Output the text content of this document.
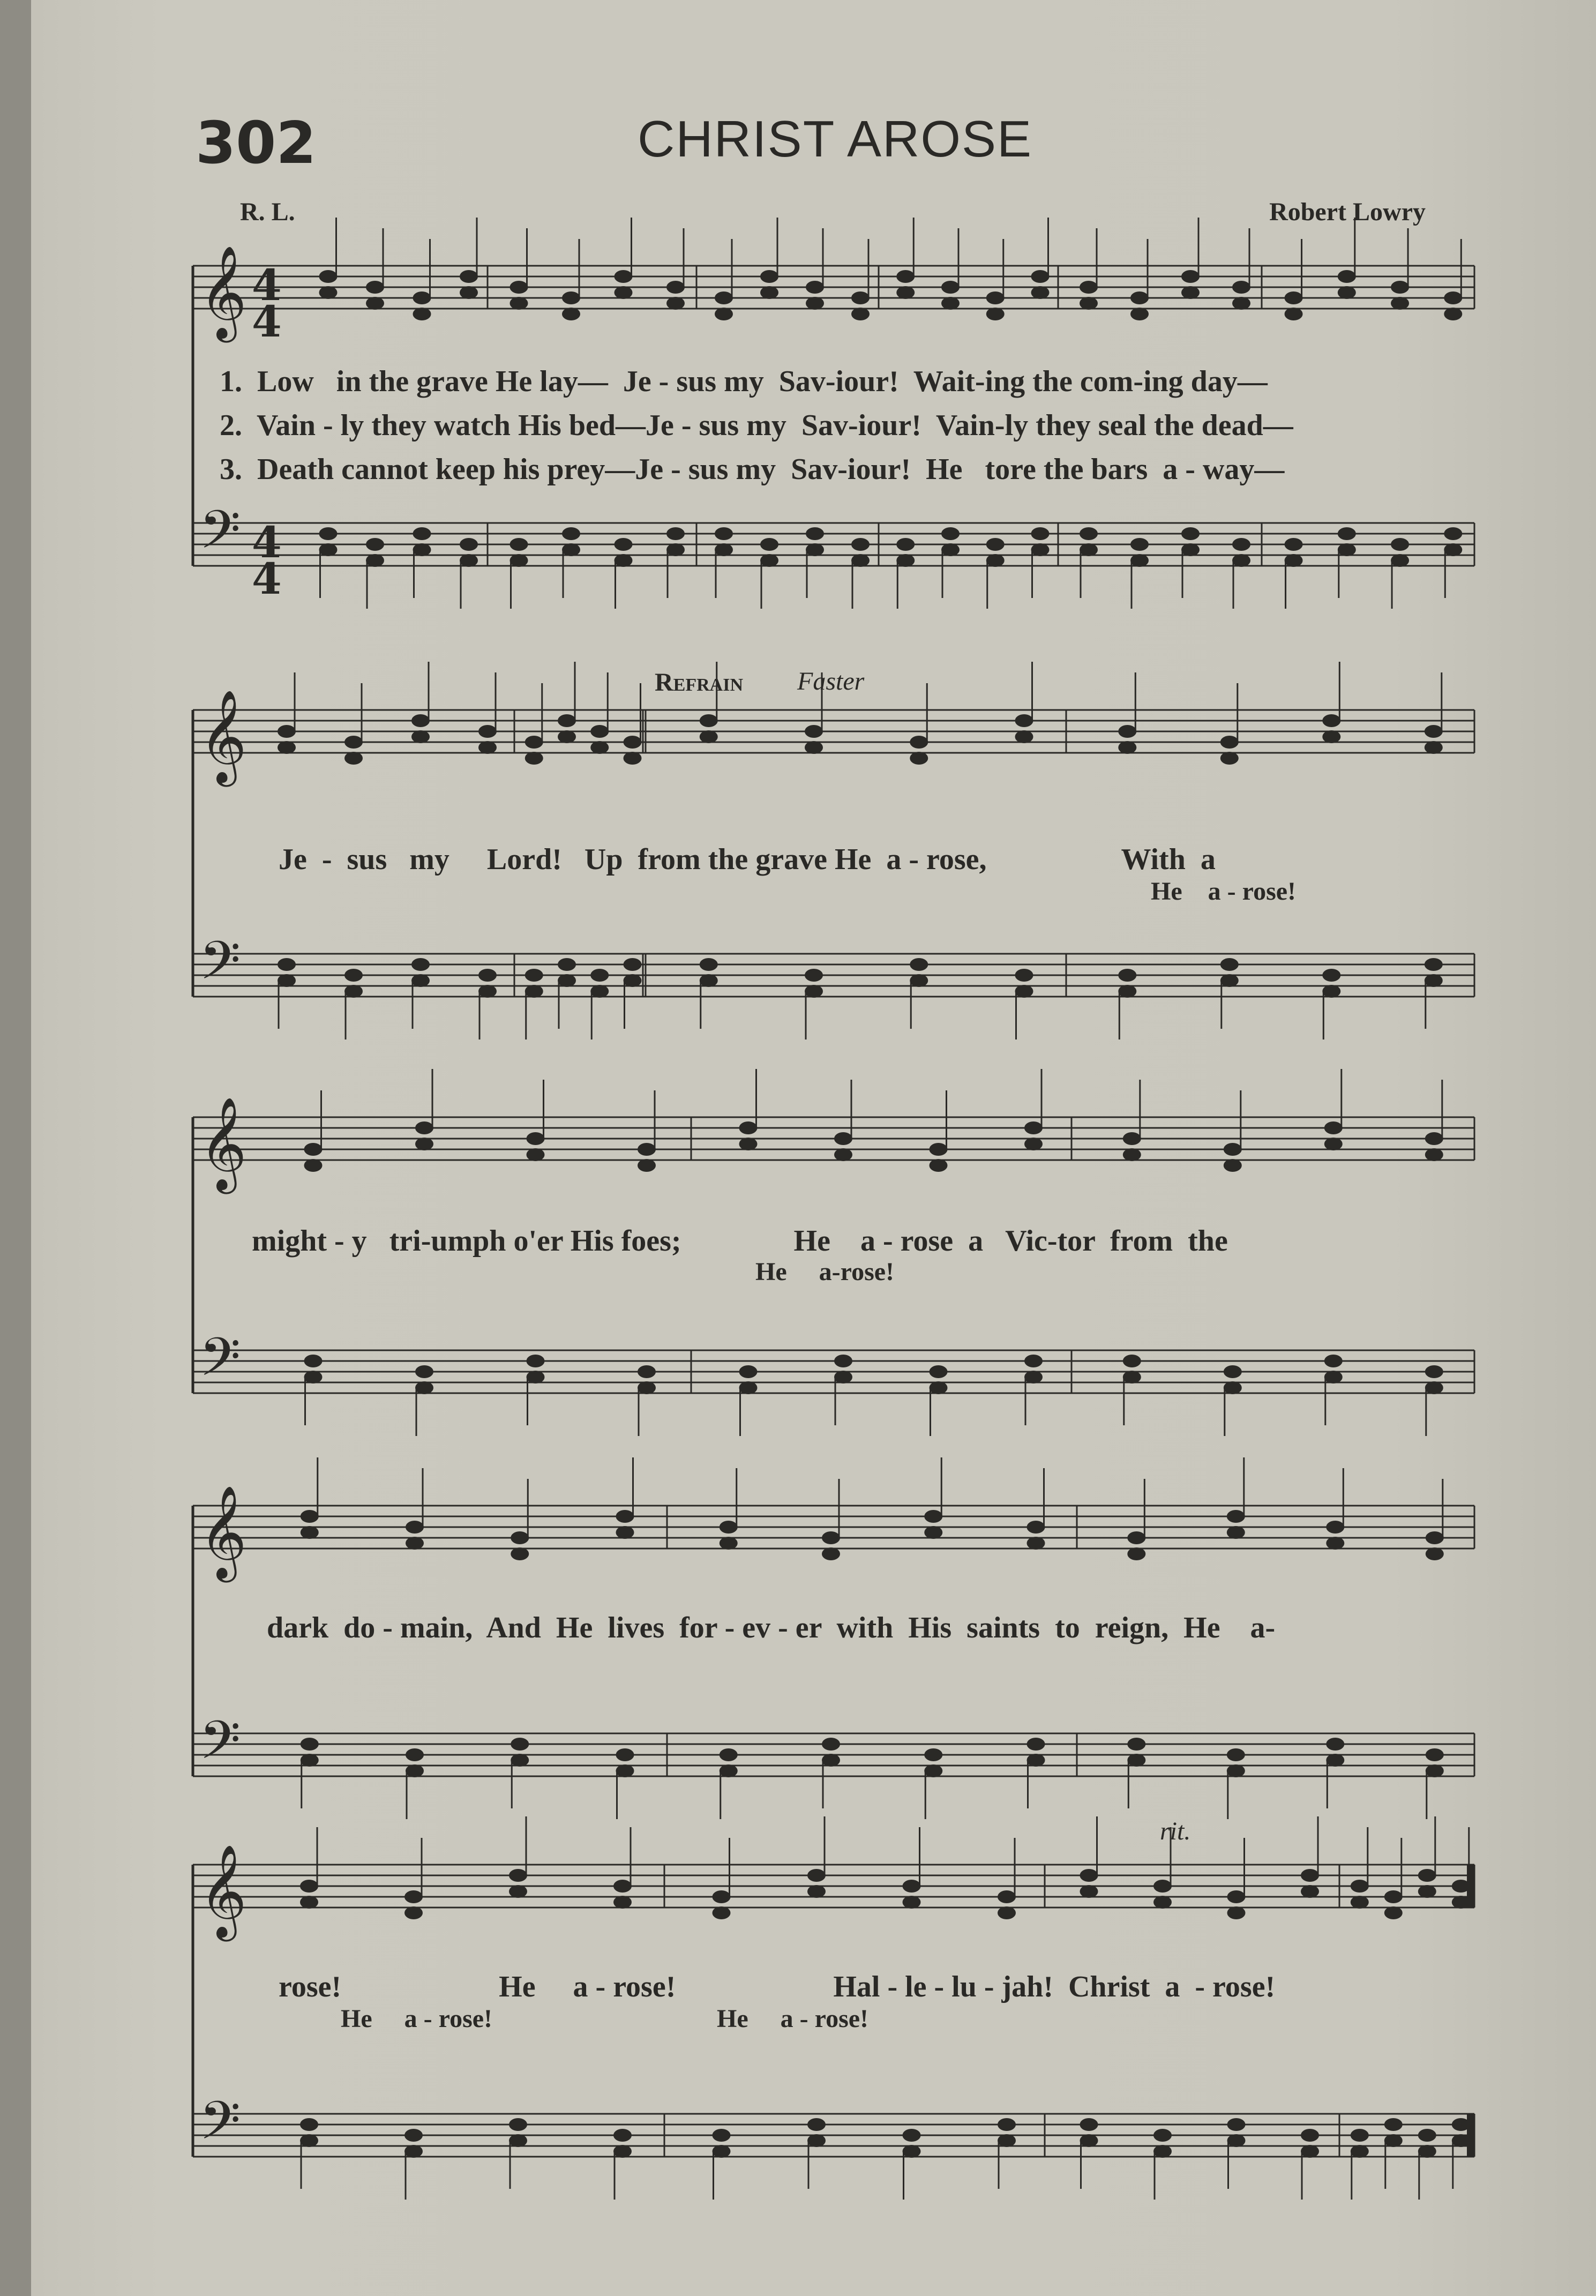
302	CHRIST AROSE
R. L.	Robert Lowry
𝄞
𝄢
𝄞
𝄢
𝄞
𝄢
𝄞
𝄢
𝄞
𝄢
4
4
4
4
1.  Low   in the grave He lay—  Je - sus my  Sav-iour!  Wait-ing the com-ing day—
2.  Vain - ly they watch His bed—Je - sus my  Sav-iour!  Vain-ly they seal the dead—
3.  Death cannot keep his prey—Je - sus my  Sav-iour!  He   tore the bars  a - way—
Refrain Faster
Je  -  sus   my     Lord!   Up  from the grave He  a - rose,                  With  a
He    a - rose!
might - y   tri-umph o'er His foes;               He    a - rose  a   Vic-tor  from  the
He     a-rose!
dark  do - main,  And  He  lives  for - ev - er  with  His  saints  to  reign,  He    a-
rit.
rose!                     He     a - rose!                     Hal - le - lu - jah!  Christ  a  - rose!
He     a - rose!	He     a - rose!
